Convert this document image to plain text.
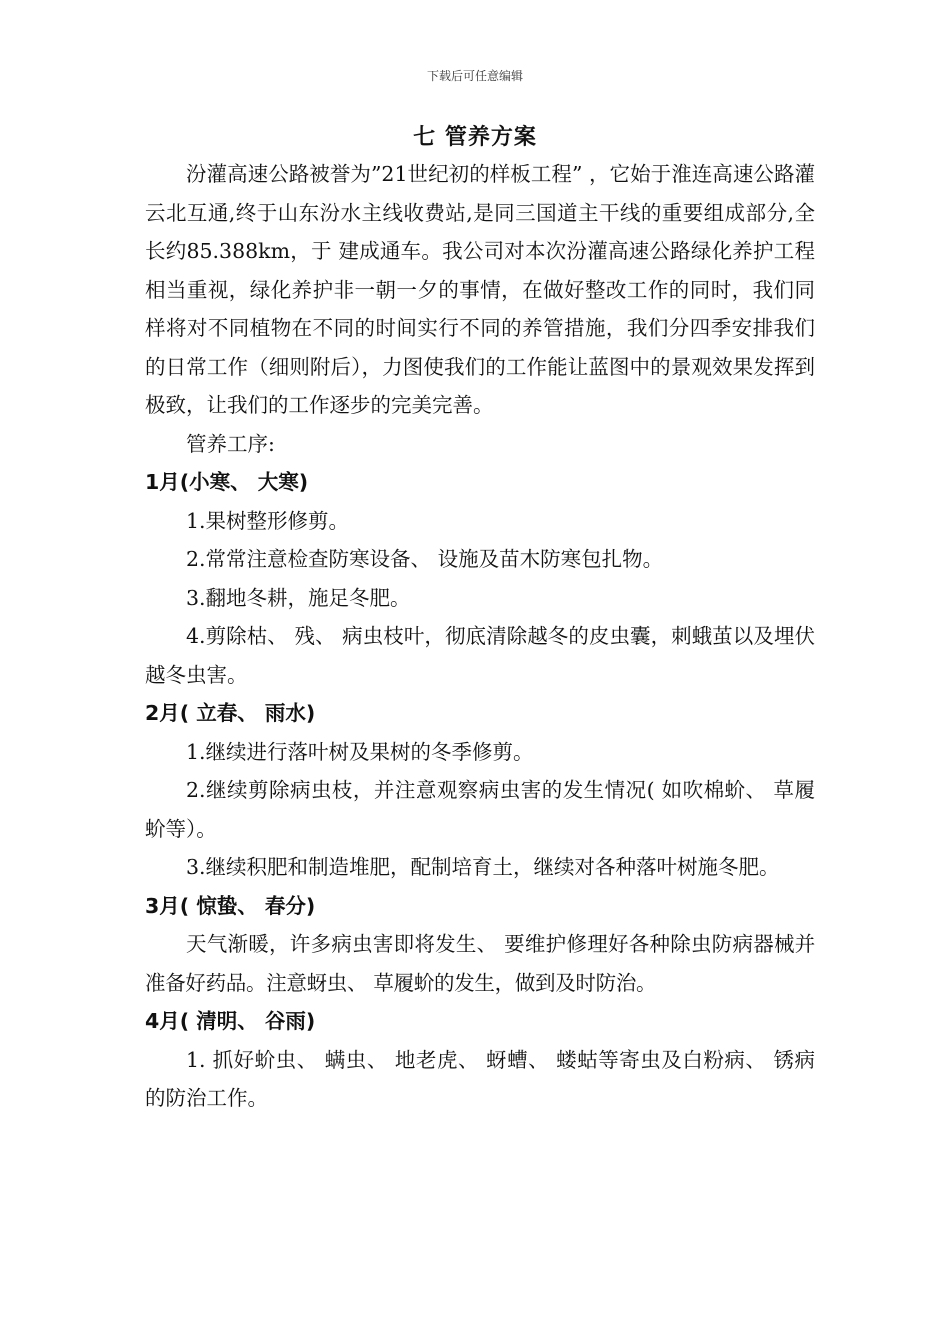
下载后可任意编辑
七 管养方案

汾灌高速公路被誉为”21世纪初的样板工程” ，它始于淮连高速公路灌云北互通,终于山东汾水主线收费站,是同三国道主干线的重要组成部分,全长约85.388km，于 建成通车。我公司对本次汾灌高速公路绿化养护工程相当重视，绿化养护非一朝一夕的事情，在做好整改工作的同时，我们同样将对不同植物在不同的时间实行不同的养管措施，我们分四季安排我们的日常工作（细则附后），力图使我们的工作能让蓝图中的景观效果发挥到极致，让我们的工作逐步的完美完善。

管养工序:

1月(小寒、 大寒)

1.果树整形修剪。

2.常常注意检查防寒设备、 设施及苗木防寒包扎物。

3.翻地冬耕，施足冬肥。

4.剪除枯、 残、 病虫枝叶，彻底清除越冬的皮虫囊，刺蛾茧以及埋伏越冬虫害。

2月( 立春、 雨水)

1.继续进行落叶树及果树的冬季修剪。

2.继续剪除病虫枝，并注意观察病虫害的发生情况( 如吹棉蚧、 草履蚧等）。

3.继续积肥和制造堆肥，配制培育土，继续对各种落叶树施冬肥。

3月( 惊蛰、 春分)

天气渐暖，许多病虫害即将发生、 要维护修理好各种除虫防病器械并准备好药品。注意蚜虫、 草履蚧的发生，做到及时防治。

4月( 清明、 谷雨)

1. 抓好蚧虫、 螨虫、 地老虎、 蚜螬、 蝼蛄等寄虫及白粉病、 锈病的防治工作。
